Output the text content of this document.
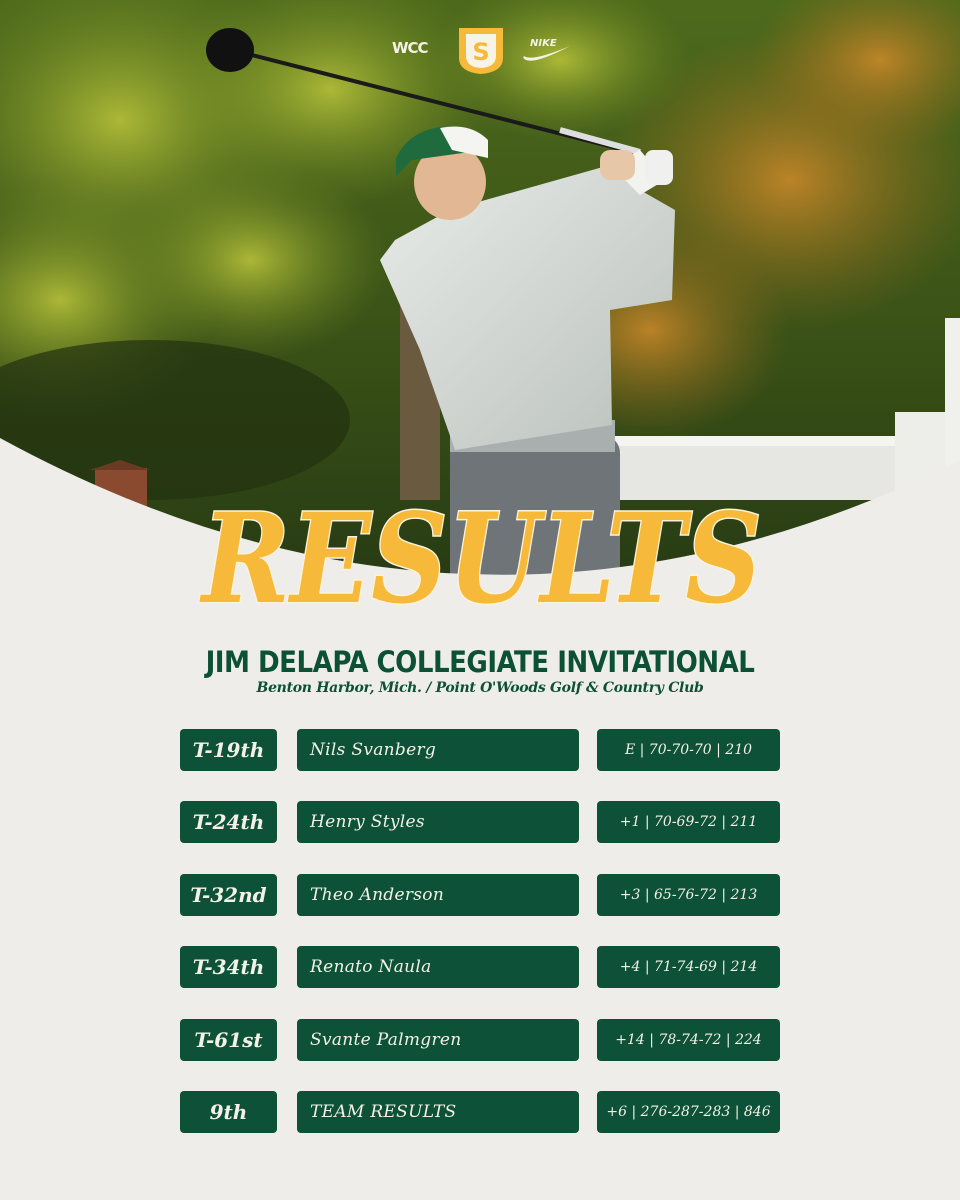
WCC S	NIKE
RESULTS
JIM DELAPA COLLEGIATE INVITATIONAL
Benton Harbor, Mich. / Point O'Woods Golf & Country Club
T-19th	Nils Svanberg	E | 70-70-70 | 210
T-24th	Henry Styles	+1 | 70-69-72 | 211
T-32nd	Theo Anderson	+3 | 65-76-72 | 213
T-34th	Renato Naula	+4 | 71-74-69 | 214
T-61st	Svante Palmgren	+14 | 78-74-72 | 224
9th	TEAM RESULTS	+6 | 276-287-283 | 846
